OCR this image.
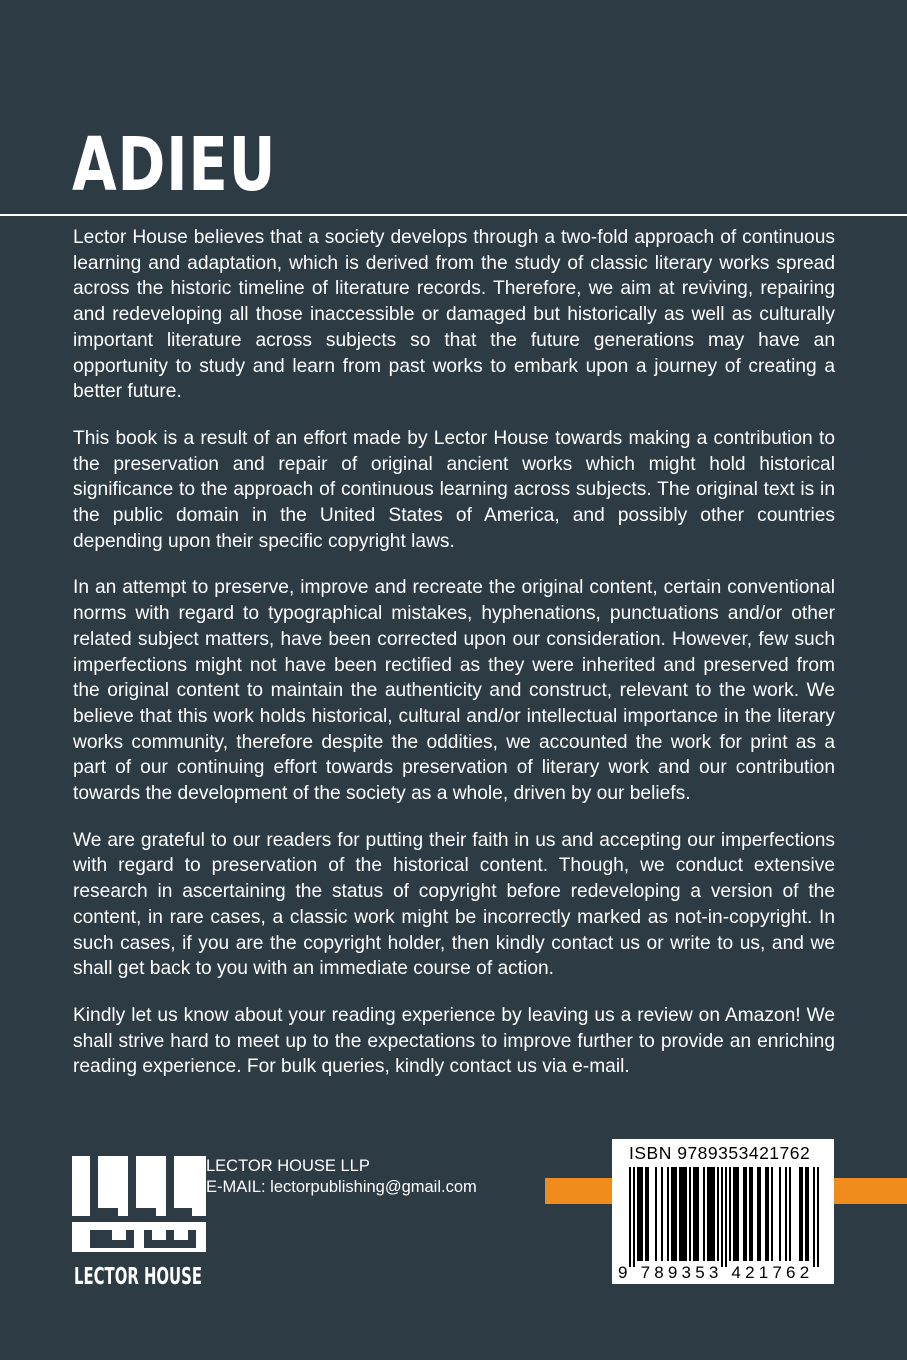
ADIEU

Lector House believes that a society develops through a two-fold approach of continuous learning and adaptation, which is derived from the study of classic literary works spread across the historic timeline of literature records. Therefore, we aim at reviving, repairing and redeveloping all those inaccessible or damaged but historically as well as culturally important literature across subjects so that the future generations may have an opportunity to study and learn from past works to embark upon a journey of creating a better future.

This book is a result of an effort made by Lector House towards making a contribution to the preservation and repair of original ancient works which might hold historical significance to the approach of continuous learning across subjects. The original text is in the public domain in the United States of America, and possibly other countries depending upon their specific copyright laws.

In an attempt to preserve, improve and recreate the original content, certain conventional norms with regard to typographical mistakes, hyphenations, punctuations and/or other related subject matters, have been corrected upon our consideration. However, few such imperfections might not have been rectified as they were inherited and preserved from the original content to maintain the authenticity and construct, relevant to the work. We believe that this work holds historical, cultural and/or intellectual importance in the literary works community, therefore despite the oddities, we accounted the work for print as a part of our continuing effort towards preservation of literary work and our contribution towards the development of the society as a whole, driven by our beliefs.

We are grateful to our readers for putting their faith in us and accepting our imperfections with regard to preservation of the historical content. Though, we conduct extensive research in ascertaining the status of copyright before redeveloping a version of the content, in rare cases, a classic work might be incorrectly marked as not-in-copyright. In such cases, if you are the copyright holder, then kindly contact us or write to us, and we shall get back to you with an immediate course of action.

Kindly let us know about your reading experience by leaving us a review on Amazon! We shall strive hard to meet up to the expectations to improve further to provide an enriching reading experience. For bulk queries, kindly contact us via e-mail.

LECTOR HOUSE
LECTOR HOUSE LLP
E-MAIL: lectorpublishing@gmail.com
ISBN 9789353421762
9 789353 421762
